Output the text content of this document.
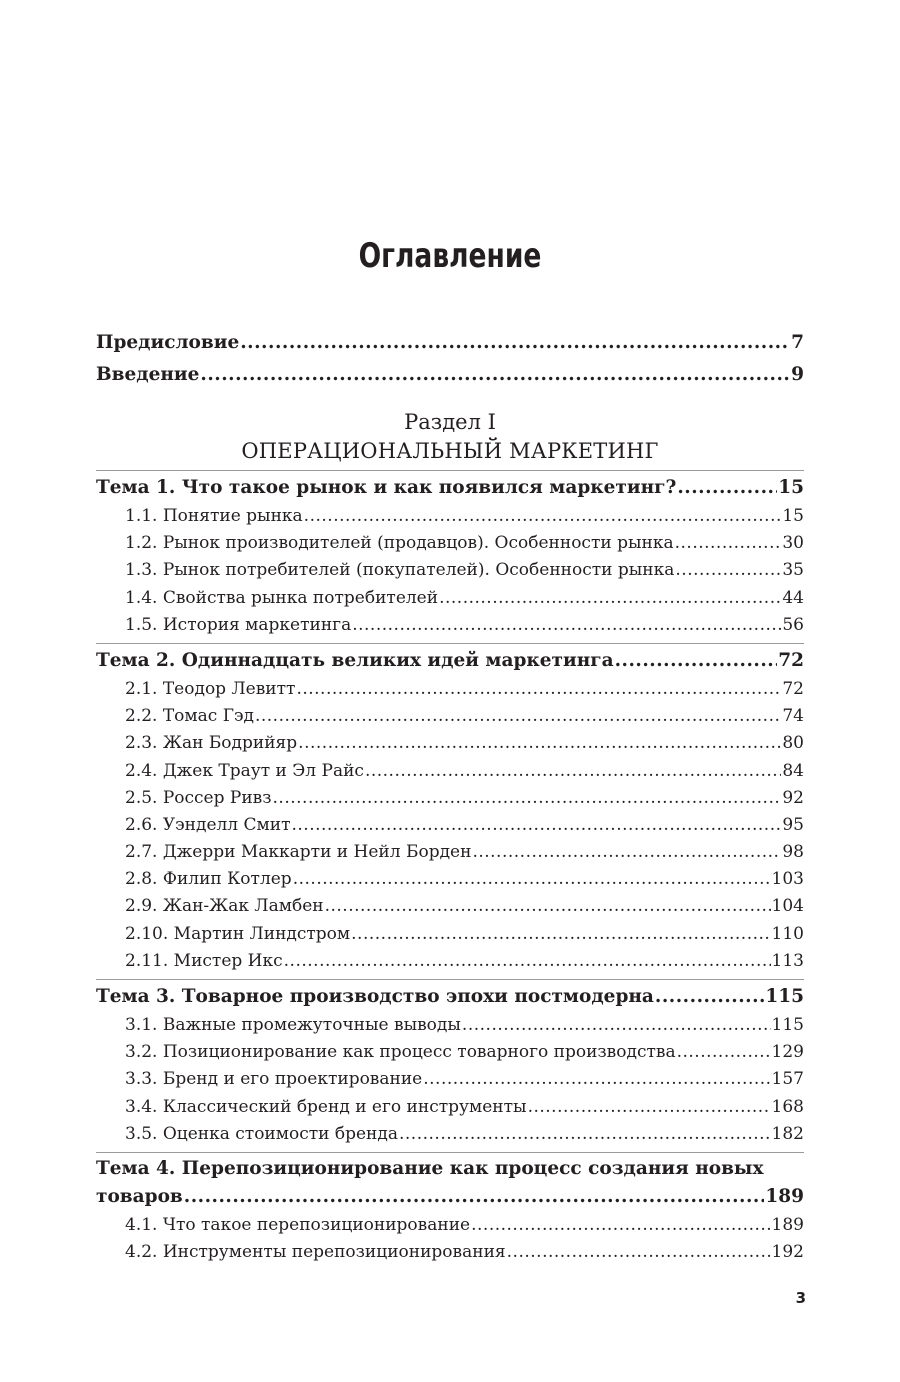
Оглавление
Предисловие .....	7
Введение .....	9
Раздел I
ОПЕРАЦИОНАЛЬНЫЙ МАРКЕТИНГ
Тема 1. Что такое рынок и как появился маркетинг? .....	15
1.1. Понятие рынка .....	15
1.2. Рынок производителей (продавцов). Особенности рынка .....	30
1.3. Рынок потребителей (покупателей). Особенности рынка .....	35
1.4. Свойства рынка потребителей .....	44
1.5. История маркетинга .....	56
Тема 2. Одиннадцать великих идей маркетинга .....	72
2.1. Теодор Левитт .....	72
2.2. Томас Гэд .....	74
2.3. Жан Бодрийяр .....	80
2.4. Джек Траут и Эл Райс .....	84
2.5. Россер Ривз .....	92
2.6. Уэнделл Смит .....	95
2.7. Джерри Маккарти и Нейл Борден .....	98
2.8. Филип Котлер .....	103
2.9. Жан-Жак Ламбен .....	104
2.10. Мартин Линдстром .....	110
2.11. Мистер Икс .....	113
Тема 3. Товарное производство эпохи постмодерна .....	115
3.1. Важные промежуточные выводы .....	115
3.2. Позиционирование как процесс товарного производства .....	129
3.3. Бренд и его проектирование .....	157
3.4. Классический бренд и его инструменты .....	168
3.5. Оценка стоимости бренда .....	182
Тема 4. Перепозиционирование как процесс создания новых
товаров .....	189
4.1. Что такое перепозиционирование .....	189
4.2. Инструменты перепозиционирования .....	192
3
